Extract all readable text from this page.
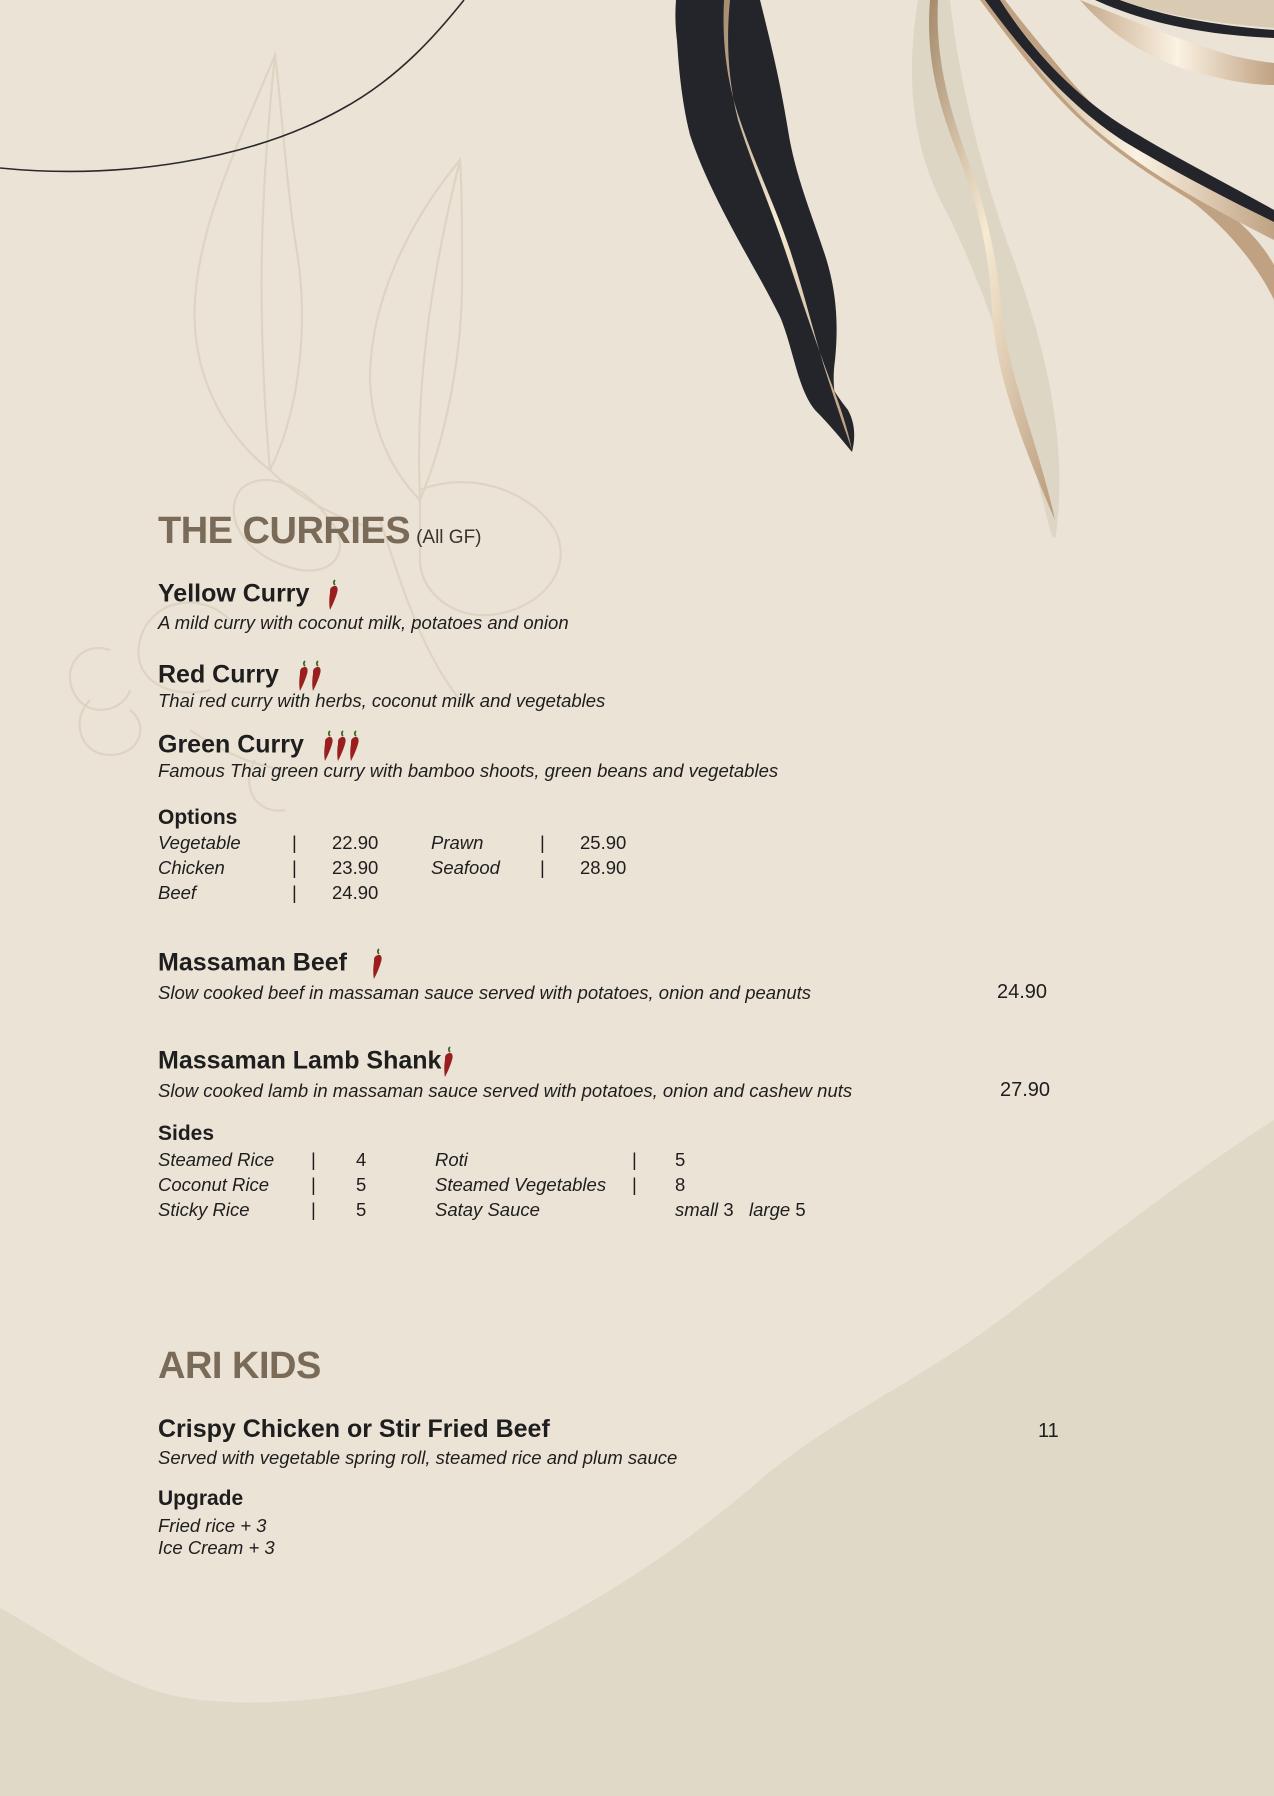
THE CURRIES (All GF)
Yellow Curry
A mild curry with coconut milk, potatoes and onion
Red Curry
Thai red curry with herbs, coconut milk and vegetables
Green Curry
Famous Thai green curry with bamboo shoots, green beans and vegetables
Options
Vegetable	| 22.90	Prawn	| 25.90
Chicken	| 23.90	Seafood | 28.90
Beef	| 24.90
Massaman Beef
Slow cooked beef in massaman sauce served with potatoes, onion and peanuts	24.90
Massaman Lamb Shank
Slow cooked lamb in massaman sauce served with potatoes, onion and cashew nuts	27.90
Sides
Steamed Rice | 4	Roti	| 5
Coconut Rice | 5	Steamed Vegetables | 8
Sticky Rice	| 5	Satay Sauce	small 3 large 5
ARI KIDS
Crispy Chicken or Stir Fried Beef	11
Served with vegetable spring roll, steamed rice and plum sauce
Upgrade
Fried rice + 3
Ice Cream + 3
